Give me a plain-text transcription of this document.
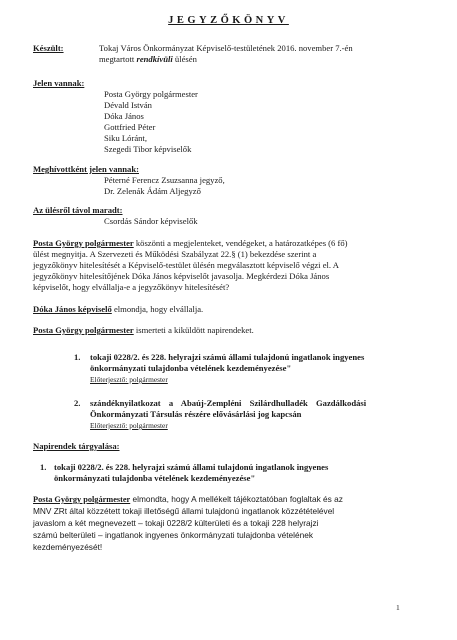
JEGYZŐKÖNYV
Készült:	Tokaj Város Önkormányzat Képviselő-testületének 2016. november 7.-én
megtartott rendkívüli ülésén
Jelen vannak:
Posta György polgármester
Dévald István
Dóka János
Gottfried Péter
Siku Lóránt,
Szegedi Tibor képviselők
Meghívottként jelen vannak:
Péterné Ferencz Zsuzsanna jegyző,
Dr. Zelenák Ádám Aljegyző
Az ülésről távol maradt:
Csordás Sándor képviselők
Posta György polgármester köszönti a megjelenteket, vendégeket, a határozatképes (6 fő)
ülést megnyitja. A Szervezeti és Működési Szabályzat 22.§ (1) bekezdése szerint a
jegyzőkönyv hitelesítését a Képviselő-testület ülésén megválasztott képviselő végzi el. A
jegyzőkönyv hitelesítőjének Dóka János képviselőt javasolja. Megkérdezi Dóka János
képviselőt, hogy elvállalja-e a jegyzőkönyv hitelesítését?
Dóka János képviselő elmondja, hogy elvállalja.
Posta György polgármester ismerteti a kiküldött napirendeket.
1. tokaji 0228/2. és 228. helyrajzi számú állami tulajdonú ingatlanok ingyenes
önkormányzati tulajdonba vételének kezdeményezése"
Előterjesztő: polgármester
2. szándéknyilatkozat a Abaúj-Zempléni Szilárdhulladék Gazdálkodási
Önkormányzati Társulás részére elővásárlási jog kapcsán
Előterjesztő: polgármester
Napirendek tárgyalása:
1. tokaji 0228/2. és 228. helyrajzi számú állami tulajdonú ingatlanok ingyenes
önkormányzati tulajdonba vételének kezdeményezése"
Posta György polgármester elmondta, hogy A mellékelt tájékoztatóban foglaltak és az
MNV ZRt által közzétett tokaji illetőségű állami tulajdonú ingatlanok közzétételével
javaslom a két megnevezett – tokaji 0228/2 külterületi és a tokaji 228 helyrajzi
számú belterületi – ingatlanok ingyenes önkormányzati tulajdonba vételének
kezdeményezését!
1
